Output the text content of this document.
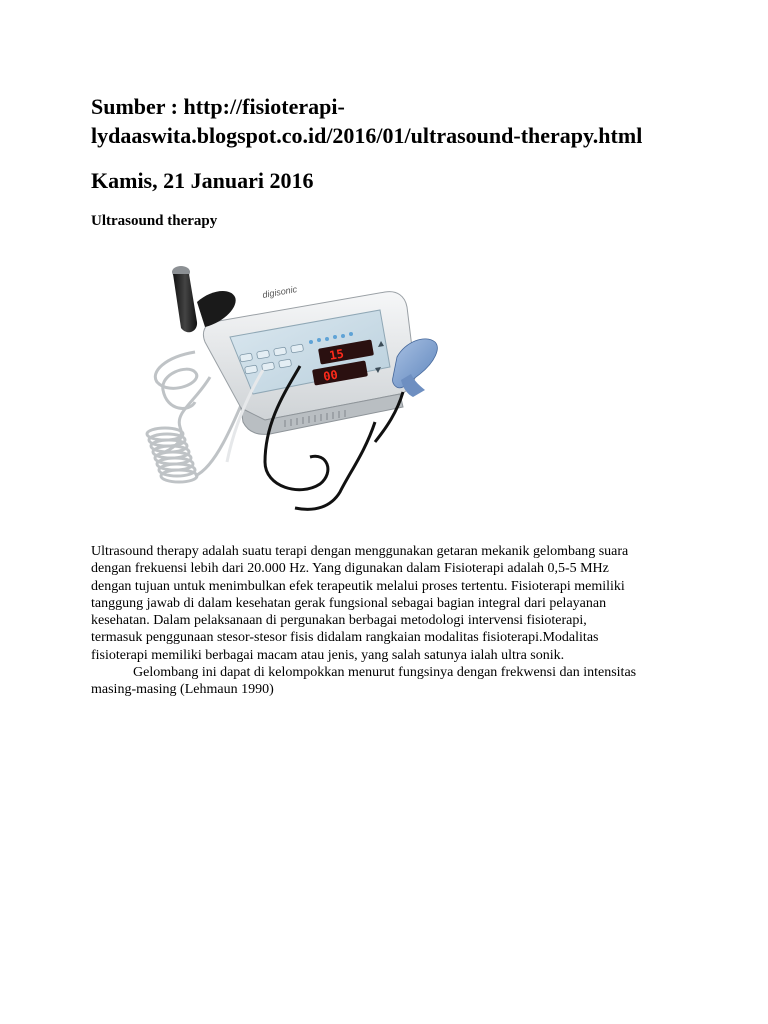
Sumber : http://fisioterapi-
lydaaswita.blogspot.co.id/2016/01/ultrasound-therapy.html
Kamis, 21 Januari 2016
Ultrasound therapy
digisonic
15
00

Ultrasound therapy adalah suatu terapi dengan menggunakan getaran mekanik gelombang suara
dengan frekuensi lebih dari 20.000 Hz. Yang digunakan dalam Fisioterapi adalah 0,5-5 MHz
dengan tujuan untuk menimbulkan efek terapeutik melalui proses tertentu. Fisioterapi memiliki
tanggung jawab di dalam kesehatan gerak fungsional sebagai bagian integral dari pelayanan
kesehatan. Dalam pelaksanaan di pergunakan berbagai metodologi intervensi fisioterapi,
termasuk penggunaan stesor-stesor fisis didalam rangkaian modalitas fisioterapi.Modalitas
fisioterapi memiliki berbagai macam atau jenis, yang salah satunya ialah ultra sonik.
Gelombang ini dapat di kelompokkan menurut fungsinya dengan frekwensi dan intensitas
masing-masing (Lehmaun 1990)
